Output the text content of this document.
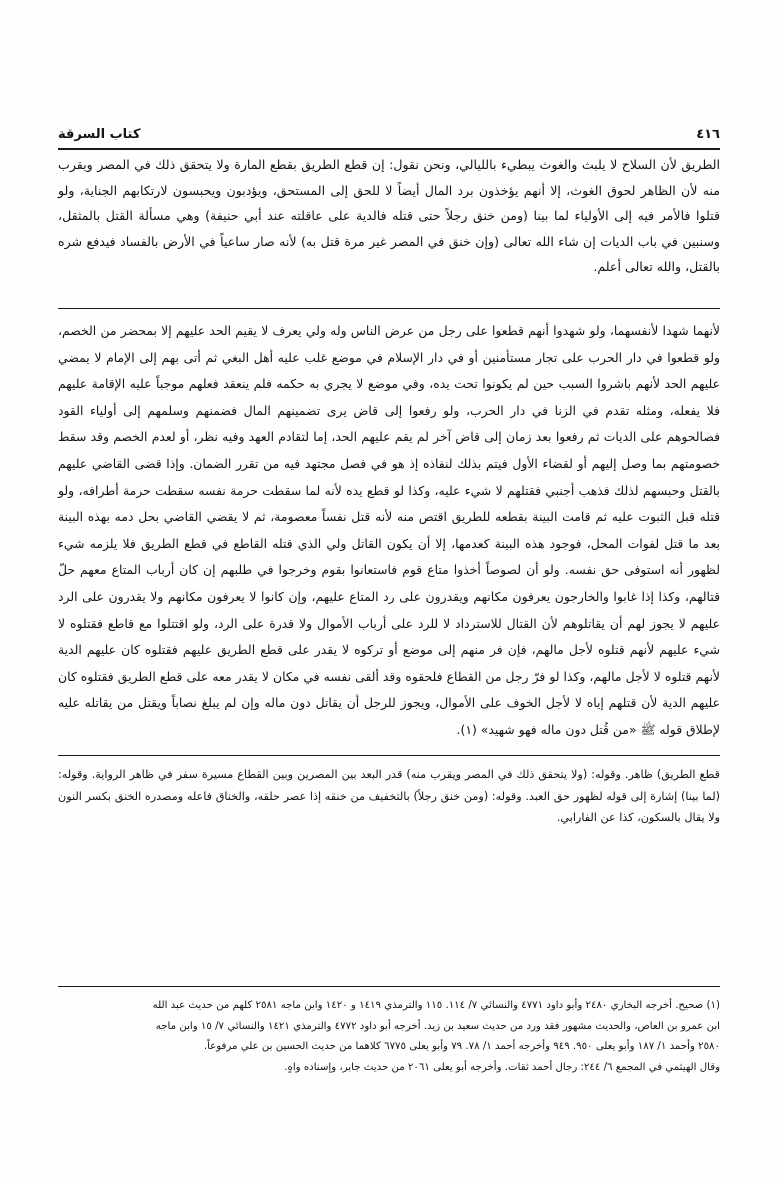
٤١٦
كتاب السرقة

الطريق لأن السلاح لا يلبث والغوث يبطيء بالليالي، ونحن نقول: إن قطع الطريق بقطع المارة ولا يتحقق ذلك في المصر ويقرب منه لأن الظاهر لحوق الغوث، إلا أنهم يؤخذون برد المال أيضاً لا للحق إلى المستحق، ويؤدبون ويحبسون لارتكابهم الجناية، ولو قتلوا فالأمر فيه إلى الأولياء لما بينا (ومن خنق رجلاً حتى قتله فالدية على عاقلته عند أبي حنيفة) وهي مسألة القتل بالمثقل، وسنبين في باب الديات إن شاء الله تعالى (وإن خنق في المصر غير مرة قتل به) لأنه صار ساعياً في الأرض بالفساد فيدفع شره بالقتل، والله تعالى أعلم.

لأنهما شهدا لأنفسهما، ولو شهدوا أنهم قطعوا على رجل من عرض الناس وله ولي يعرف لا يقيم الحد عليهم إلا بمحضر من الخصم، ولو قطعوا في دار الحرب على تجار مستأمنين أو في دار الإسلام في موضع غلب عليه أهل البغي ثم أتى بهم إلى الإمام لا يمضي عليهم الحد لأنهم باشروا السبب حين لم يكونوا تحت يده، وفي موضع لا يجري به حكمه فلم ينعقد فعلهم موجباً عليه الإقامة عليهم فلا يفعله، ومثله تقدم في الزنا في دار الحرب، ولو رفعوا إلى قاض يرى تضمينهم المال فضمنهم وسلمهم إلى أولياء القود فصالحوهم على الديات ثم رفعوا بعد زمان إلى قاض آخر لم يقم عليهم الحد، إما لتقادم العهد وفيه نظر، أو لعدم الخصم وقد سقط خصومتهم بما وصل إليهم أو لقضاء الأول فيتم بذلك لنفاذه إذ هو في فصل مجتهد فيه من تقرر الضمان. وإذا قضى القاضي عليهم بالقتل وحبسهم لذلك فذهب أجنبي فقتلهم لا شيء عليه، وكذا لو قطع يده لأنه لما سقطت حرمة نفسه سقطت حرمة أطرافه، ولو قتله قبل الثبوت عليه ثم قامت البينة بقطعه للطريق اقتص منه لأنه قتل نفساً معصومة، ثم لا يقضي القاضي بحل دمه بهذه البينة بعد ما قتل لفوات المحل، فوجود هذه البينة كعدمها، إلا أن يكون القاتل ولي الذي قتله القاطع في قطع الطريق فلا يلزمه شيء لظهور أنه استوفى حق نفسه. ولو أن لصوصاً أخذوا متاع قوم فاستعانوا بقوم وخرجوا في طلبهم إن كان أرباب المتاع معهم حلّ قتالهم، وكذا إذا غابوا والخارجون يعرفون مكانهم ويقدرون على رد المتاع عليهم، وإن كانوا لا يعرفون مكانهم ولا يقدرون على الرد عليهم لا يجوز لهم أن يقاتلوهم لأن القتال للاسترداد لا للرد على أرباب الأموال ولا قدرة على الرد، ولو اقتتلوا مع قاطع فقتلوه لا شيء عليهم لأنهم قتلوه لأجل مالهم، فإن فر منهم إلى موضع أو تركوه لا يقدر على قطع الطريق عليهم فقتلوه كان عليهم الدية لأنهم قتلوه لا لأجل مالهم، وكذا لو فرّ رجل من القطاع فلحقوه وقد ألقى نفسه في مكان لا يقدر معه على قطع الطريق فقتلوه كان عليهم الدية لأن قتلهم إياه لا لأجل الخوف على الأموال، ويجوز للرجل أن يقاتل دون ماله وإن لم يبلغ نصاباً ويقتل من يقاتله عليه لإطلاق قوله ﷺ «من قُتل دون ماله فهو شهيد» (١).

قطع الطريق) ظاهر. وقوله: (ولا يتحقق ذلك في المصر ويقرب منه) قدر البعد بين المصرين وبين القطاع مسيرة سفر في ظاهر الرواية. وقوله: (لما بينا) إشارة إلى قوله لظهور حق العبد. وقوله: (ومن خنق رجلاً) بالتخفيف من خنقه إذا عصر حلقه، والخناق فاعله ومصدره الخنق بكسر النون ولا يقال بالسكون، كذا عن الفارابي.

(١) صحيح. أخرجه البخاري ٢٤٨٠ وأبو داود ٤٧٧١ والنسائي ٧/ ١١٤. ١١٥ والترمذي ١٤١٩ و ١٤٢٠ وابن ماجه ٢٥٨١ كلهم من حديث عبد الله

ابن عمرو بن العاص، والحديث مشهور فقد ورد من حديث سعيد بن زيد. أخرجه أبو داود ٤٧٧٢ والترمذي ١٤٢١ والنسائي ٧/ ١٥ وابن ماجه

٢٥٨٠ وأحمد ١/ ١٨٧ وأبو يعلى ٩٥٠. ٩٤٩ وأخرجه أحمد ١/ ٧٨. ٧٩ وأبو يعلى ٦٧٧٥ كلاهما من حديث الحسين بن علي مرفوعاً.

وقال الهيثمي في المجمع ٦/ ٢٤٤: رجال أحمد ثقات. وأخرجه أبو يعلى ٢٠٦١ من حديث جابر، وإسناده واهٍ.
